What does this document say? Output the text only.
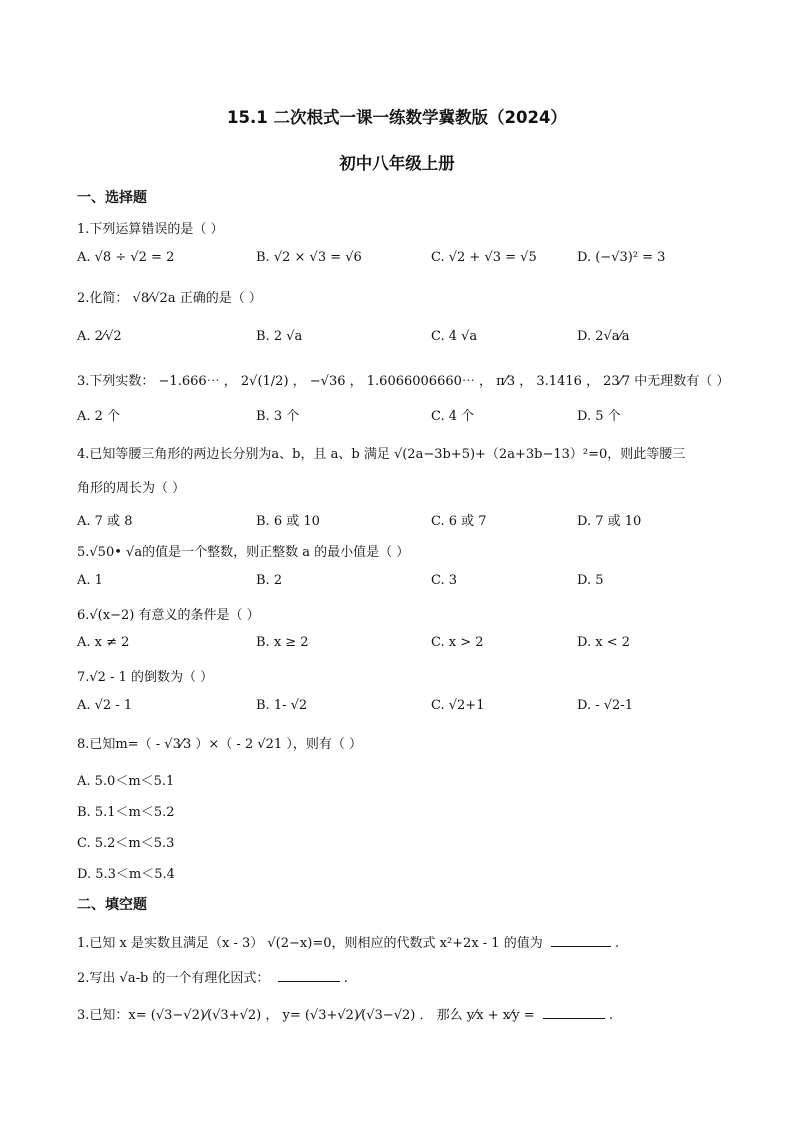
15.1 二次根式一课一练数学冀教版（2024）
初中八年级上册
一、选择题
1.下列运算错误的是（ ）
A. √8 ÷ √2 = 2	B. √2 × √3 = √6	C. √2 + √3 = √5	D. (−√3)² = 3
2.化简： √8⁄√2a 正确的是（ ）
A. 2⁄√2	B. 2 √a	C. 4 √a	D. 2√a⁄a
3.下列实数： −1.666⋯ ， 2√(1/2) ， −√36 ， 1.6066006660⋯ ， π⁄3 ， 3.1416 ， 23⁄7 中无理数有（ ）
A. 2 个	B. 3 个	C. 4 个	D. 5 个
4.已知等腰三角形的两边长分别为a、b，且 a、b 满足 √(2a−3b+5)+（2a+3b−13）²=0，则此等腰三
角形的周长为（ ）
A. 7 或 8	B. 6 或 10	C. 6 或 7	D. 7 或 10
5.√50• √a的值是一个整数，则正整数 a 的最小值是（ ）
A. 1	B. 2	C. 3	D. 5
6.√(x−2) 有意义的条件是（ ）
A. x ≠ 2	B. x ≥ 2	C. x > 2	D. x < 2
7.√2 - 1 的倒数为（ ）
A. √2 - 1	B. 1- √2	C. √2+1	D. - √2-1
8.已知m=（ - √3⁄3 ）×（ - 2 √21 ），则有（ ）
A. 5.0＜m＜5.1
B. 5.1＜m＜5.2
C. 5.2＜m＜5.3
D. 5.3＜m＜5.4
二、填空题
1.已知 x 是实数且满足（x - 3） √(2−x)=0，则相应的代数式 x²+2x - 1 的值为	.
2.写出 √a-b 的一个有理化因式：	.
3.已知：x= (√3−√2)⁄(√3+√2) ， y= (√3+√2)⁄(√3−√2) ． 那么 y⁄x + x⁄y =	.
